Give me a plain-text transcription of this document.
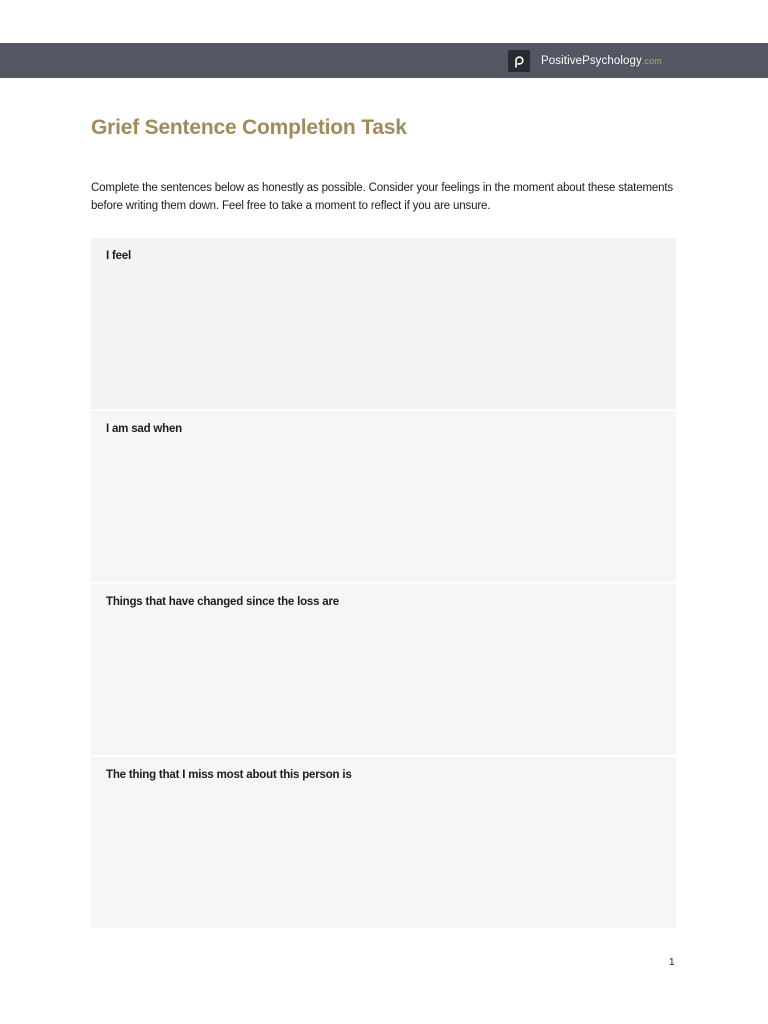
PositivePsychology.com
Grief Sentence Completion Task

Complete the sentences below as honestly as possible. Consider your feelings in the moment about these statements before writing them down. Feel free to take a moment to reflect if you are unsure.

I feel
I am sad when
Things that have changed since the loss are
The thing that I miss most about this person is
1
